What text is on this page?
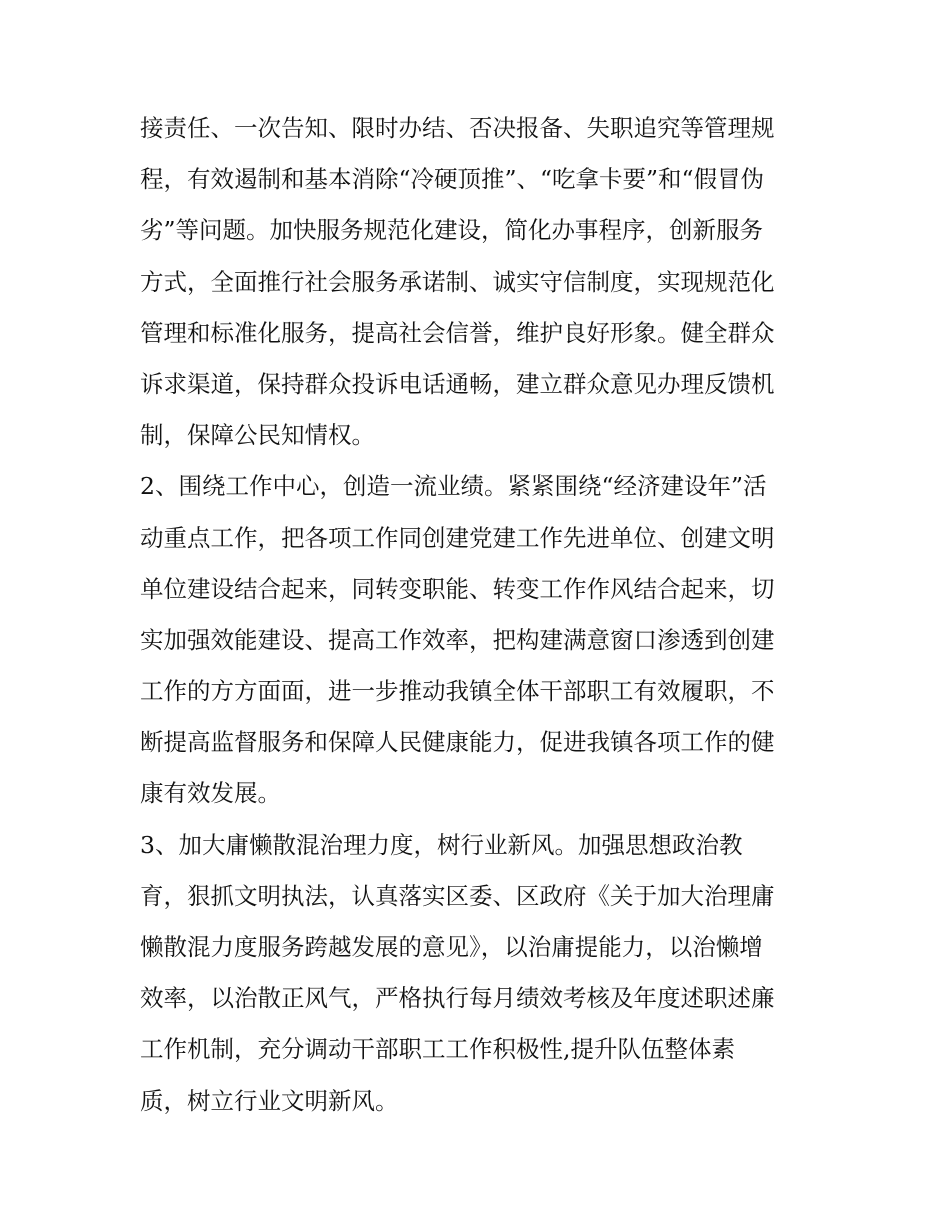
接责任、一次告知、限时办结、否决报备、失职追究等管理规
程，有效遏制和基本消除“冷硬顶推”、“吃拿卡要”和“假冒伪
劣”等问题。加快服务规范化建设，简化办事程序，创新服务
方式，全面推行社会服务承诺制、诚实守信制度，实现规范化
管理和标准化服务，提高社会信誉，维护良好形象。健全群众
诉求渠道，保持群众投诉电话通畅，建立群众意见办理反馈机
制，保障公民知情权。
2、围绕工作中心，创造一流业绩。紧紧围绕“经济建设年”活
动重点工作，把各项工作同创建党建工作先进单位、创建文明
单位建设结合起来，同转变职能、转变工作作风结合起来，切
实加强效能建设、提高工作效率，把构建满意窗口渗透到创建
工作的方方面面，进一步推动我镇全体干部职工有效履职，不
断提高监督服务和保障人民健康能力，促进我镇各项工作的健
康有效发展。
3、加大庸懒散混治理力度，树行业新风。加强思想政治教
育，狠抓文明执法，认真落实区委、区政府《关于加大治理庸
懒散混力度服务跨越发展的意见》，以治庸提能力，以治懒增
效率，以治散正风气，严格执行每月绩效考核及年度述职述廉
工作机制，充分调动干部职工工作积极性,提升队伍整体素
质，树立行业文明新风。
